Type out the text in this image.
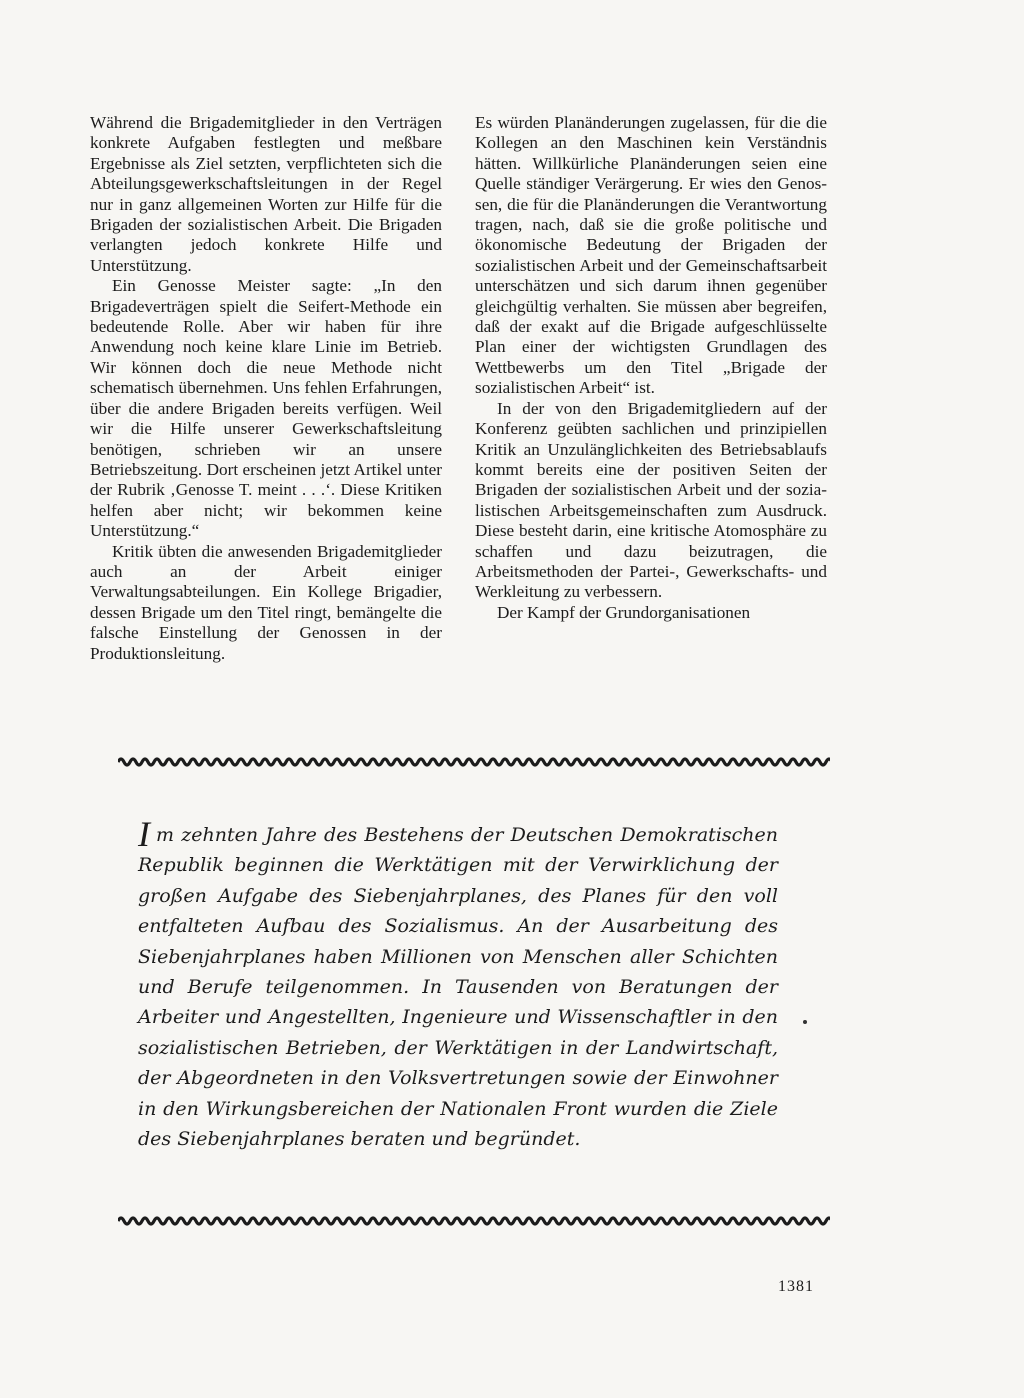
Während die Brigademitglieder in den Verträgen konkrete Aufgaben festlegten und meßbare Ergebnisse als Ziel setzten, verpflichteten sich die Abteilungsgewerkschaftsleitungen in der Regel nur in ganz allgemeinen Worten zur Hilfe für die Brigaden der sozialistischen Arbeit. Die Brigaden verlangten jedoch konkrete Hilfe und Unterstützung.

Ein Genosse Meister sagte: „In den Brigadeverträgen spielt die Seifert-Methode ein bedeutende Rolle. Aber wir haben für ihre Anwendung noch keine klare Linie im Betrieb. Wir können doch die neue Methode nicht schematisch übernehmen. Uns fehlen Erfahrungen, über die andere Brigaden bereits verfügen. Weil wir die Hilfe unserer Gewerkschaftsleitung benötigen, schrieben wir an unsere Betriebszeitung. Dort erscheinen jetzt Artikel unter der Rubrik ‚Genosse T. meint . . .‘. Diese Kritiken helfen aber nicht; wir bekommen keine Unterstützung.“

Kritik übten die anwesenden Brigademitglieder auch an der Arbeit einiger Verwaltungsabteilungen. Ein Kollege Brigadier, dessen Brigade um den Titel ringt, bemängelte die falsche Einstellung der Genossen in der Produktionsleitung.

Es würden Planänderungen zugelassen, für die die Kollegen an den Maschinen kein Verständnis hätten. Willkürliche Planänderungen seien eine Quelle ständiger Verärgerung. Er wies den Genossen, die für die Planänderungen die Verantwortung tragen, nach, daß sie die große politische und ökonomische Bedeutung der Brigaden der sozialistischen Arbeit und der Gemeinschaftsarbeit unterschätzen und sich darum ihnen gegenüber gleichgültig verhalten. Sie müssen aber begreifen, daß der exakt auf die Brigade aufgeschlüsselte Plan einer der wichtigsten Grundlagen des Wettbewerbs um den Titel „Brigade der sozialistischen Arbeit“ ist.

In der von den Brigademitgliedern auf der Konferenz geübten sachlichen und prinzipiellen Kritik an Unzulänglichkeiten des Betriebsablaufs kommt bereits eine der positiven Seiten der Brigaden der sozialistischen Arbeit und der sozialistischen Arbeitsgemeinschaften zum Ausdruck. Diese besteht darin, eine kritische Atomosphäre zu schaffen und dazu beizutragen, die Arbeitsmethoden der Partei-, Gewerkschafts- und Werkleitung zu verbessern.

Der Kampf der Grundorganisationen

Im zehnten Jahre des Bestehens der Deutschen Demokratischen Republik beginnen die Werktätigen mit der Verwirklichung der großen Aufgabe des Siebenjahrplanes, des Planes für den voll entfalteten Aufbau des Sozialismus. An der Ausarbeitung des Siebenjahrplanes haben Millionen von Menschen aller Schichten und Berufe teilgenommen. In Tausenden von Beratungen der Arbeiter und Angestellten, Ingenieure und Wissenschaftler in den sozialistischen Betrieben, der Werktätigen in der Landwirtschaft, der Abgeordneten in den Volksvertretungen sowie der Einwohner in den Wirkungsbereichen der Nationalen Front wurden die Ziele des Siebenjahrplanes beraten und begründet.

1381
